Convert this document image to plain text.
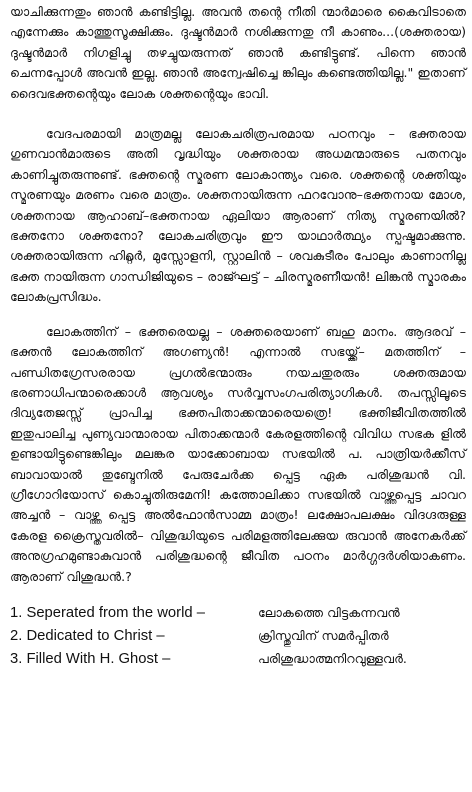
യാചിക്കുന്നതും ഞാൻ കണ്ടിട്ടില്ല. അവൻ തന്റെ നീതി ന്മാർമാരെ കൈവിടാതെ എന്നേക്കും കാത്തുസൂക്ഷിക്കും. ദുഷ്ടൻമാർ നശിക്കുന്നതു നീ കാണും...(ശക്തരായ) ദുഷ്ടൻമാർ നിഗളിച്ചു തഴച്ചുയരുന്നത് ഞാൻ കണ്ടിട്ടുണ്ട്. പിന്നെ ഞാൻ ചെന്നപ്പോൾ അവൻ ഇല്ല. ഞാൻ അന്വേഷിച്ചെ ങ്കിലും കണ്ടെത്തിയില്ല." ഇതാണ് ദൈവഭക്തന്റെയും ലോക ശക്തന്റെയും ഭാവി.

വേദപരമായി മാത്രമല്ല ലോകചരിത്രപരമായ പഠനവും – ഭക്തരായ ഗുണവാൻമാരുടെ അതി വൃദ്ധിയും ശക്തരായ അധമന്മാരുടെ പതനവും കാണിച്ചുതരുന്നുണ്ട്. ഭക്തന്റെ സ്മരണ ലോകാന്ത്യം വരെ. ശക്തന്റെ ശക്തിയും സ്മരണയും മരണം വരെ മാത്രം. ശക്തനായിരുന്ന ഫറവോനു–ഭക്തനായ മോശ, ശക്തനായ ആഹാബ്–ഭക്തനായ ഏലിയാ ആരാണ് നിത്യ സ്മരണയിൽ? ഭക്തനോ ശക്തനോ? ലോകചരിത്രവും ഈ യാഥാർത്ഥ്യം സ്പഷ്ടമാക്കുന്നു. ശക്തരായിരുന്ന ഹിറ്റ്ലർ, മുസ്സോളനി, സ്റ്റാലിൻ – ശവകുടീരം പോലും കാണാനില്ല ഭക്ത നായിരുന്ന ഗാന്ധിജിയുടെ – രാജ്ഘട്ട് – ചിരസ്മരണീയൻ! ലിങ്കൻ സ്മാരകം ലോകപ്രസിദ്ധം.

ലോകത്തിന് – ഭക്തരെയല്ല – ശക്തരെയാണ് ബഹു മാനം. ആദരവ് – ഭക്തൻ ലോകത്തിന് അഗണ്യൻ! എന്നാൽ സഭയ്ക്ക്– മതത്തിന് – പണ്ഡിതഗ്രേസരരായ പ്രഗൽഭന്മാരും നയചതുരരും ശക്തരുമായ ഭരണാധിപന്മാരെക്കാൾ ആവശ്യം സർവ്വസംഗപരിത്യാഗികൾ. തപസ്സിലൂടെ ദിവ്യതേജസ്സ് പ്രാപിച്ച ഭക്തപിതാക്കന്മാരെയത്രെ! ഭക്തിജീവിതത്തിൽ ഇതുപാലിച്ച പുണ്യവാന്മാരായ പിതാക്കന്മാർ കേരളത്തിന്റെ വിവിധ സഭക ളിൽ ഉണ്ടായിട്ടുണ്ടെങ്കിലും മലങ്കര യാക്കോബായ സഭയിൽ പ. പാത്രിയർക്കീസ് ബാവായാൽ തുബ്ദേനിൽ പേരുചേർക്ക പ്പെട്ട ഏക പരിശുദ്ധൻ വി. ഗ്രീഗോറിയോസ് കൊച്ചുതിരുമേനി! കത്തോലിക്കാ സഭയിൽ വാഴ്ത്തപ്പെട്ട ചാവറ അച്ചൻ – വാഴ്ത്ത പ്പെട്ട അൽഫോൻസാമ്മ മാത്രം! ലക്ഷോപലക്ഷം വിദഗ്ദരുള്ള കേരള ക്രൈസ്തവരിൽ– വിശുദ്ധിയുടെ പരിമളത്തിലേക്കുയ രുവാൻ അനേകർക്ക് അനുഗ്രഹമുണ്ടാകുവാൻ പരിശുദ്ധന്റെ ജീവിത പഠനം മാർഗ്ഗദർശിയാകണം. ആരാണ് വിശുദ്ധൻ.?

1. Seperated from the world –	ലോകത്തെ വിട്ടകന്നവൻ
2. Dedicated to Christ –	ക്രിസ്തുവിന് സമർപ്പിതർ
3. Filled With H. Ghost –	പരിശുദ്ധാത്മനിറവുള്ളവർ.
